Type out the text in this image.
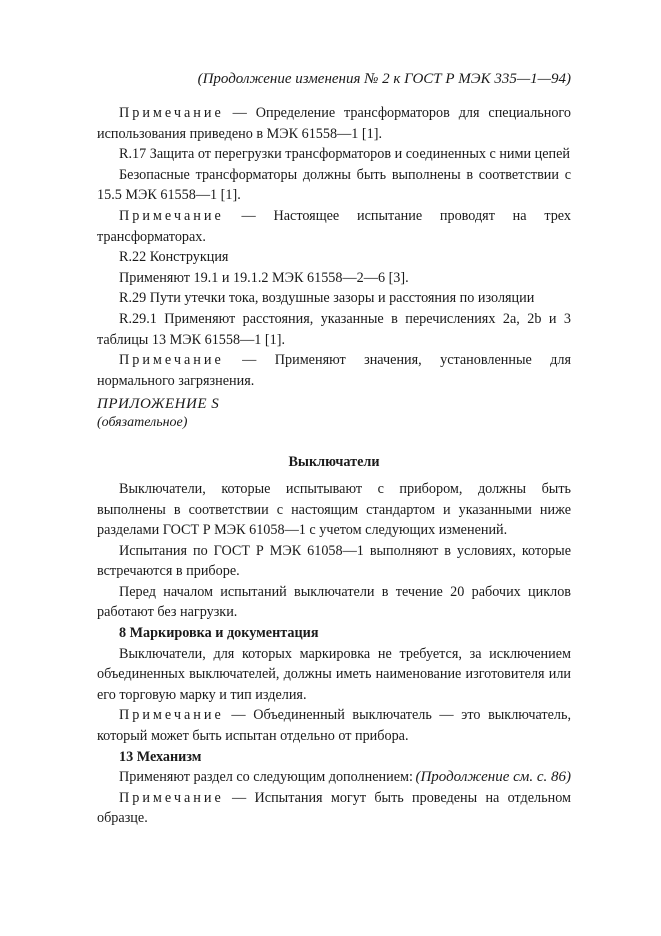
(Продолжение изменения № 2 к ГОСТ Р МЭК 335—1—94)

Примечание — Определение трансформаторов для специального использования приведено в МЭК 61558—1 [1].

R.17 Защита от перегрузки трансформаторов и соединенных с ними цепей

Безопасные трансформаторы должны быть выполнены в соответствии с 15.5 МЭК 61558—1 [1].

Примечание — Настоящее испытание проводят на трех трансформаторах.

R.22 Конструкция

Применяют 19.1 и 19.1.2 МЭК 61558—2—6 [3].

R.29 Пути утечки тока, воздушные зазоры и расстояния по изоляции

R.29.1 Применяют расстояния, указанные в перечислениях 2a, 2b и 3 таблицы 13 МЭК 61558—1 [1].

Примечание — Применяют значения, установленные для нормального загрязнения.

ПРИЛОЖЕНИЕ S

(обязательное)

Выключатели

Выключатели, которые испытывают с прибором, должны быть выполнены в соответствии с настоящим стандартом и указанными ниже разделами ГОСТ Р МЭК 61058—1 с учетом следующих изменений.

Испытания по ГОСТ Р МЭК 61058—1 выполняют в условиях, которые встречаются в приборе.

Перед началом испытаний выключатели в течение 20 рабочих циклов работают без нагрузки.

8 Маркировка и документация

Выключатели, для которых маркировка не требуется, за исключением объединенных выключателей, должны иметь наименование изготовителя или его торговую марку и тип изделия.

Примечание — Объединенный выключатель — это выключатель, который может быть испытан отдельно от прибора.

13 Механизм

Применяют раздел со следующим дополнением:

Примечание — Испытания могут быть проведены на отдельном образце.

(Продолжение см. с. 86)
